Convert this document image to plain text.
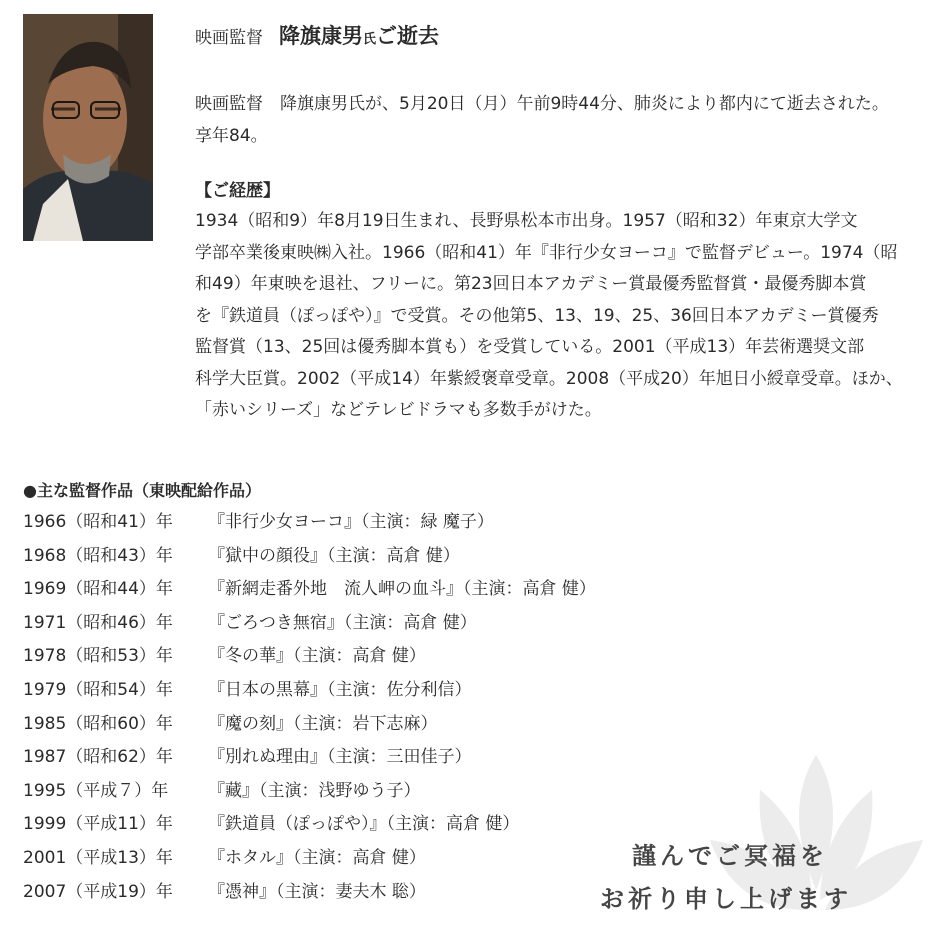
映画監督 降旗康男氏ご逝去

映画監督　降旗康男氏が、5月20日（月）午前9時44分、肺炎により都内にて逝去された。

享年84。

【ご経歴】

1934（昭和9）年8月19日生まれ、長野県松本市出身。1957（昭和32）年東京大学文

学部卒業後東映㈱入社。1966（昭和41）年『非行少女ヨーコ』で監督デビュー。1974（昭

和49）年東映を退社、フリーに。第23回日本アカデミー賞最優秀監督賞・最優秀脚本賞

を『鉄道員（ぽっぽや）』で受賞。その他第5、13、19、25、36回日本アカデミー賞優秀

監督賞（13、25回は優秀脚本賞も）を受賞している。2001（平成13）年芸術選奨文部

科学大臣賞。2002（平成14）年紫綬褒章受章。2008（平成20）年旭日小綬章受章。ほか、

「赤いシリーズ」などテレビドラマも多数手がけた。

●主な監督作品（東映配給作品）
1966（昭和41）年 『非行少女ヨーコ』（主演：緑 魔子）
1968（昭和43）年 『獄中の顔役』（主演：高倉 健）
1969（昭和44）年 『新網走番外地　流人岬の血斗』（主演：高倉 健）
1971（昭和46）年 『ごろつき無宿』（主演：高倉 健）
1978（昭和53）年 『冬の華』（主演：高倉 健）
1979（昭和54）年 『日本の黒幕』（主演：佐分利信）
1985（昭和60）年 『魔の刻』（主演：岩下志麻）
1987（昭和62）年 『別れぬ理由』（主演：三田佳子）
1995（平成７）年 『藏』（主演：浅野ゆう子）
1999（平成11）年 『鉄道員（ぽっぽや）』（主演：高倉 健）
2001（平成13）年 『ホタル』（主演：高倉 健）
2007（平成19）年 『憑神』（主演：妻夫木 聡）

謹んでご冥福を

お祈り申し上げます
